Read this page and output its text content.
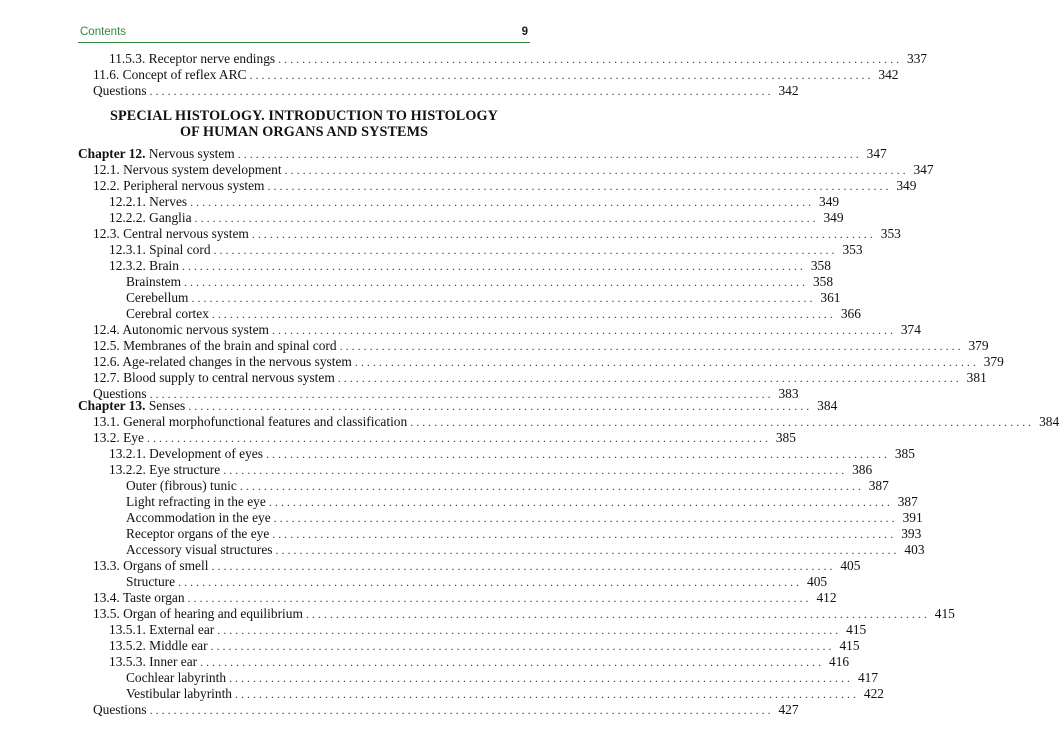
Contents	9
11.5.3. Receptor nerve endings ........................................................................................................ 337
11.6. Concept of reflex ARC ........................................................................................................ 342
Questions ........................................................................................................ 342
SPECIAL HISTOLOGY. INTRODUCTION TO HISTOLOGY
OF HUMAN ORGANS AND SYSTEMS
Chapter 12. Nervous system ........................................................................................................ 347
12.1. Nervous system development ........................................................................................................ 347
12.2. Peripheral nervous system ........................................................................................................ 349
12.2.1. Nerves ........................................................................................................ 349
12.2.2. Ganglia ........................................................................................................ 349
12.3. Central nervous system ........................................................................................................ 353
12.3.1. Spinal cord ........................................................................................................ 353
12.3.2. Brain ........................................................................................................ 358
Brainstem ........................................................................................................ 358
Cerebellum ........................................................................................................ 361
Cerebral cortex ........................................................................................................ 366
12.4. Autonomic nervous system ........................................................................................................ 374
12.5. Membranes of the brain and spinal cord ........................................................................................................ 379
12.6. Age-related changes in the nervous system ........................................................................................................ 379
12.7. Blood supply to central nervous system ........................................................................................................ 381
Questions ........................................................................................................ 383
Chapter 13. Senses ........................................................................................................ 384
13.1. General morphofunctional features and classification ........................................................................................................ 384
13.2. Eye ........................................................................................................ 385
13.2.1. Development of eyes ........................................................................................................ 385
13.2.2. Eye structure ........................................................................................................ 386
Outer (fibrous) tunic ........................................................................................................ 387
Light refracting in the eye ........................................................................................................ 387
Accommodation in the eye ........................................................................................................ 391
Receptor organs of the eye ........................................................................................................ 393
Accessory visual structures ........................................................................................................ 403
13.3. Organs of smell ........................................................................................................ 405
Structure ........................................................................................................ 405
13.4. Taste organ ........................................................................................................ 412
13.5. Organ of hearing and equilibrium ........................................................................................................ 415
13.5.1. External ear ........................................................................................................ 415
13.5.2. Middle ear ........................................................................................................ 415
13.5.3. Inner ear ........................................................................................................ 416
Cochlear labyrinth ........................................................................................................ 417
Vestibular labyrinth ........................................................................................................ 422
Questions ........................................................................................................ 427
